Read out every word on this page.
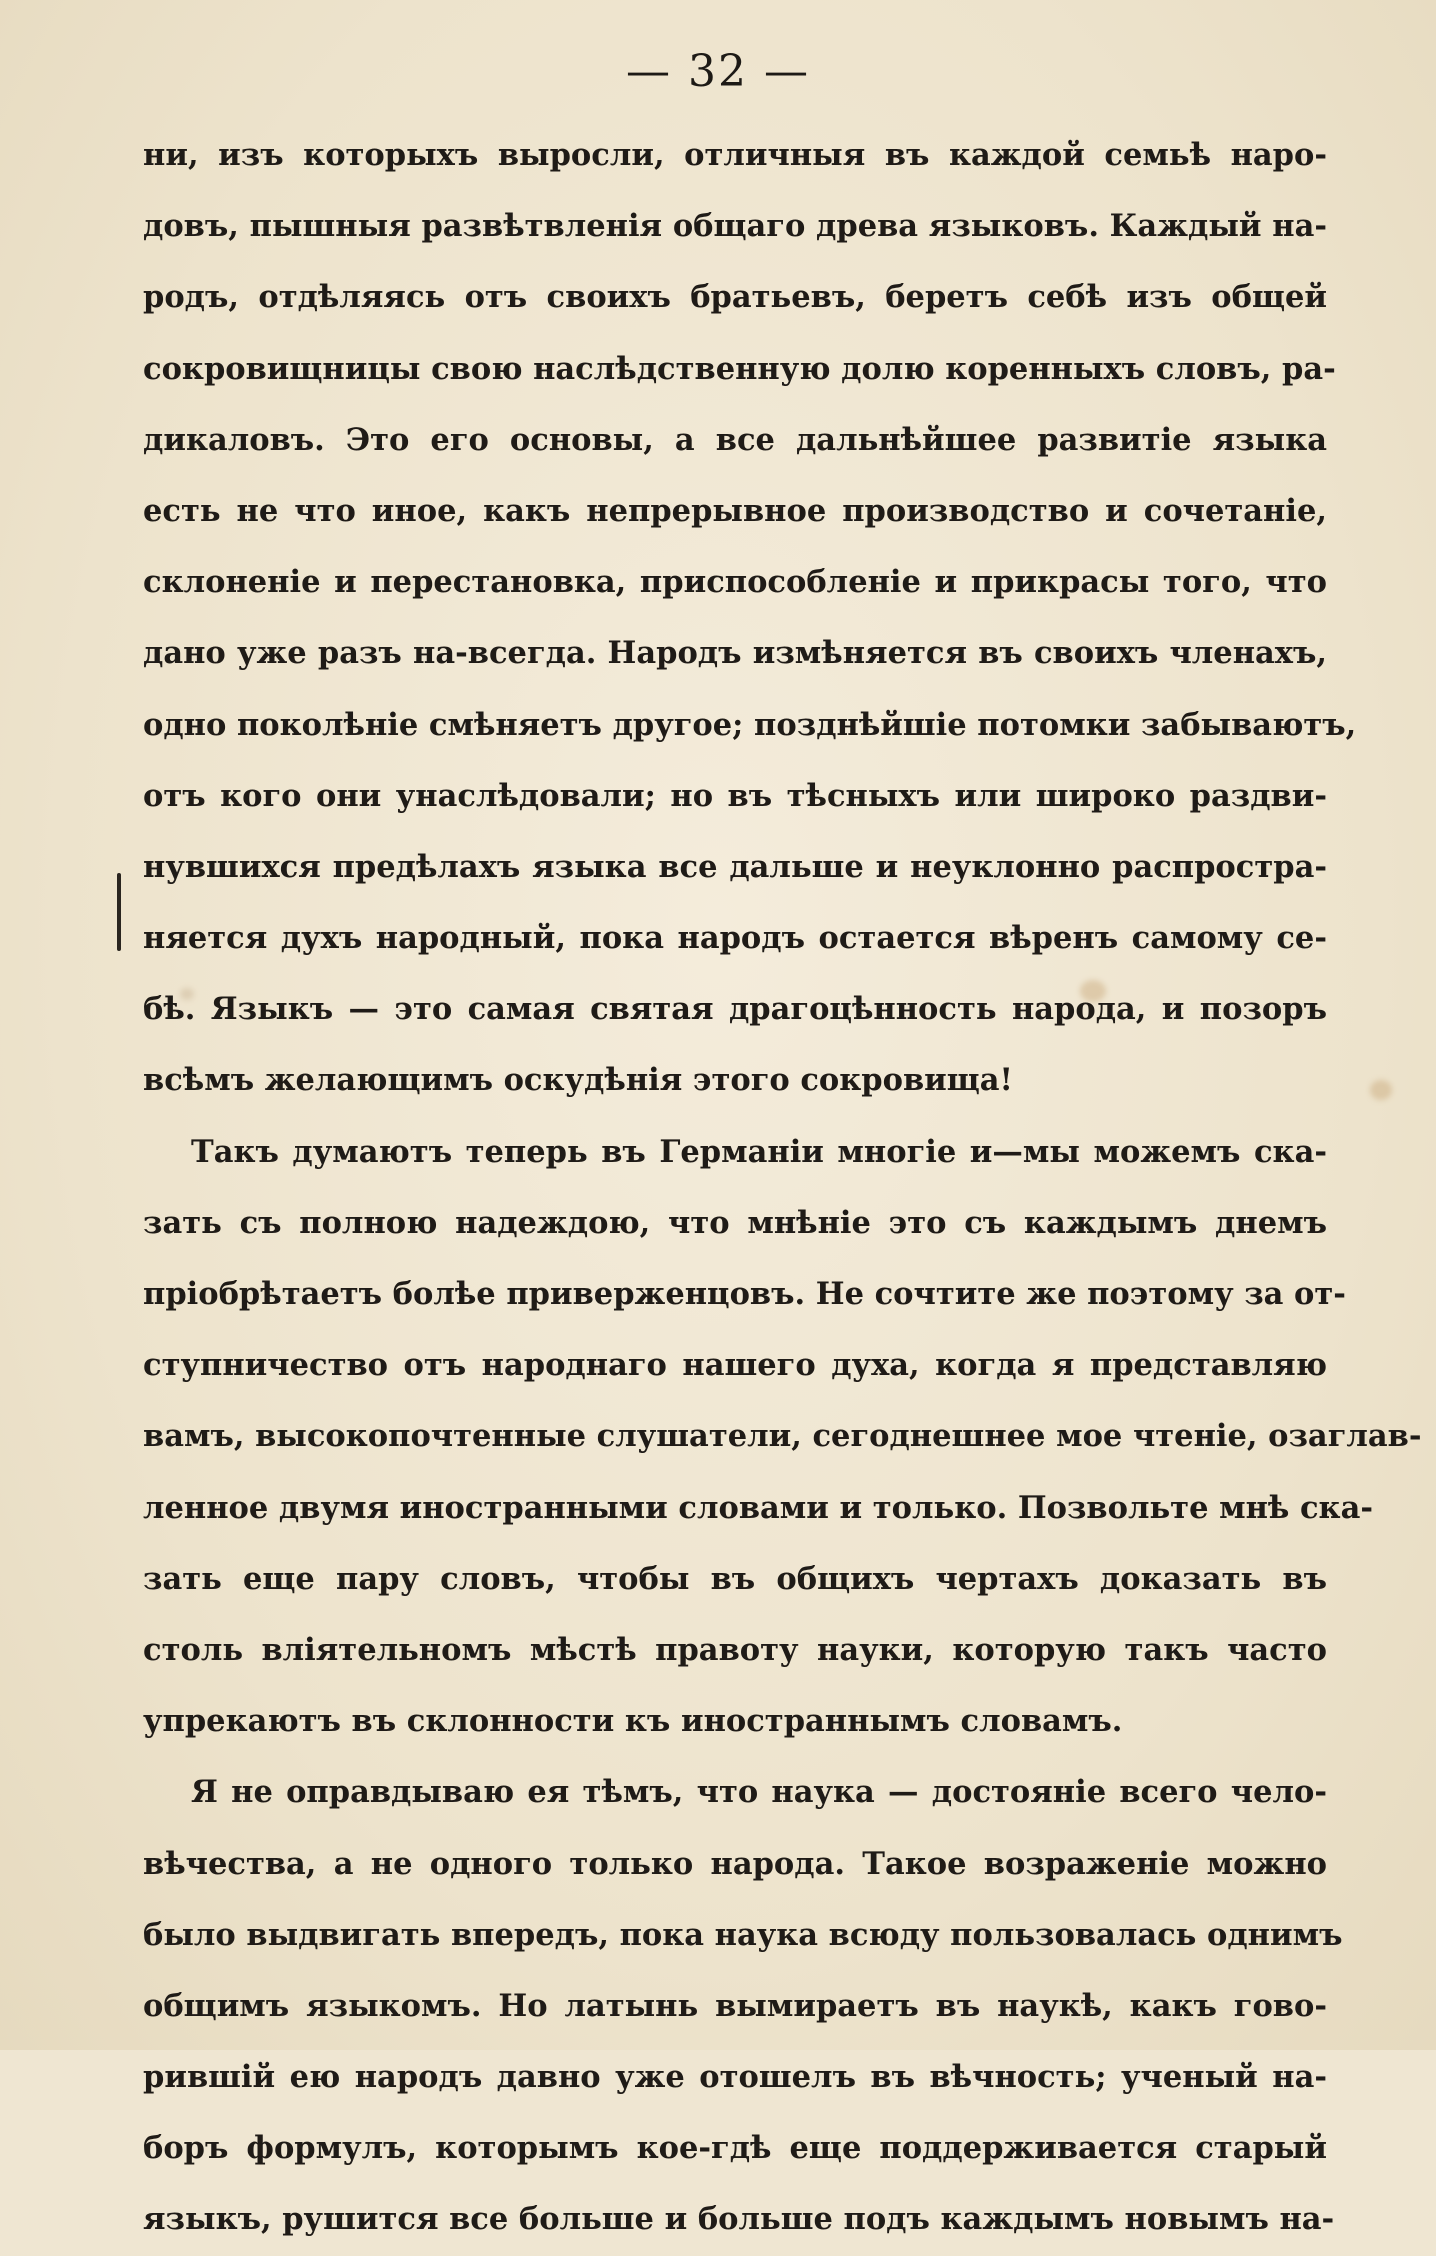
— 32 —
ни, изъ которыхъ выросли, отличныя въ каждой семьѣ наро-
довъ, пышныя развѣтвленія общаго древа языковъ. Каждый на-
родъ, отдѣляясь отъ своихъ братьевъ, беретъ себѣ изъ общей
сокровищницы свою наслѣдственную долю коренныхъ словъ, ра-
дикаловъ. Это его основы, а все дальнѣйшее развитіе языка
есть не что иное, какъ непрерывное производство и сочетаніе,
склоненіе и перестановка, приспособленіе и прикрасы того, что
дано уже разъ на-всегда. Народъ измѣняется въ своихъ членахъ,
одно поколѣніе смѣняетъ другое; позднѣйшіе потомки забываютъ,
отъ кого они унаслѣдовали; но въ тѣсныхъ или широко раздви-
нувшихся предѣлахъ языка все дальше и неуклонно распростра-
няется духъ народный, пока народъ остается вѣренъ самому се-
бѣ. Языкъ — это самая святая драгоцѣнность народа, и позоръ
всѣмъ желающимъ оскудѣнія этого сокровища!
Такъ думаютъ теперь въ Германіи многіе и—мы можемъ ска-
зать съ полною надеждою, что мнѣніе это съ каждымъ днемъ
пріобрѣтаетъ болѣе приверженцовъ. Не сочтите же поэтому за от-
ступничество отъ народнаго нашего духа, когда я представляю
вамъ, высокопочтенные слушатели, сегоднешнее мое чтеніе, озаглав-
ленное двумя иностранными словами и только. Позвольте мнѣ ска-
зать еще пару словъ, чтобы въ общихъ чертахъ доказать въ
столь вліятельномъ мѣстѣ правоту науки, которую такъ часто
упрекаютъ въ склонности къ иностраннымъ словамъ.
Я не оправдываю ея тѣмъ, что наука — достояніе всего чело-
вѣчества, а не одного только народа. Такое возраженіе можно
было выдвигать впередъ, пока наука всюду пользовалась однимъ
общимъ языкомъ. Но латынь вымираетъ въ наукѣ, какъ гово-
рившій ею народъ давно уже отошелъ въ вѣчность; ученый на-
боръ формулъ, которымъ кое-гдѣ еще поддерживается старый
языкъ, рушится все больше и больше подъ каждымъ новымъ на-
